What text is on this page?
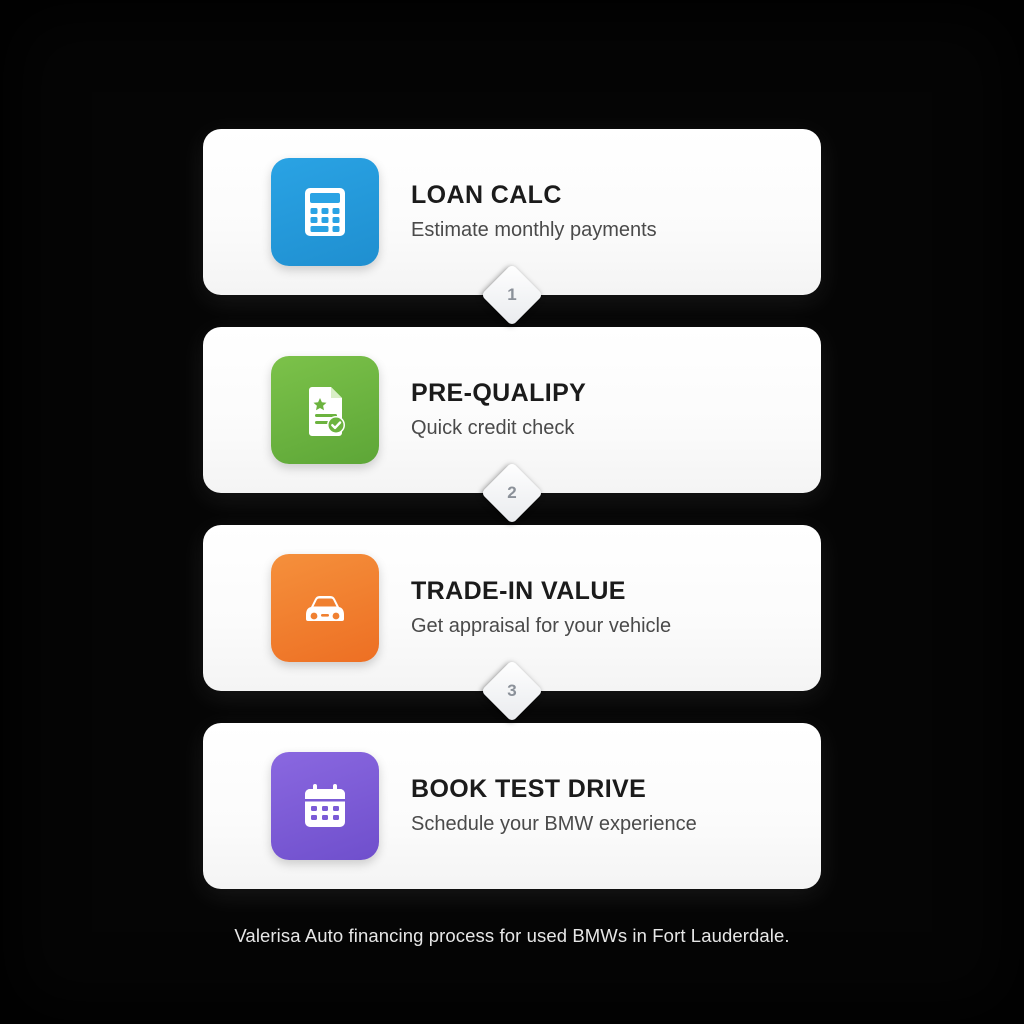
LOAN CALC
Estimate monthly payments
1
PRE-QUALIPY
Quick credit check
2
TRADE-IN VALUE
Get appraisal for your vehicle
3
BOOK TEST DRIVE
Schedule your BMW experience
Valerisa Auto financing process for used BMWs in Fort Lauderdale.
